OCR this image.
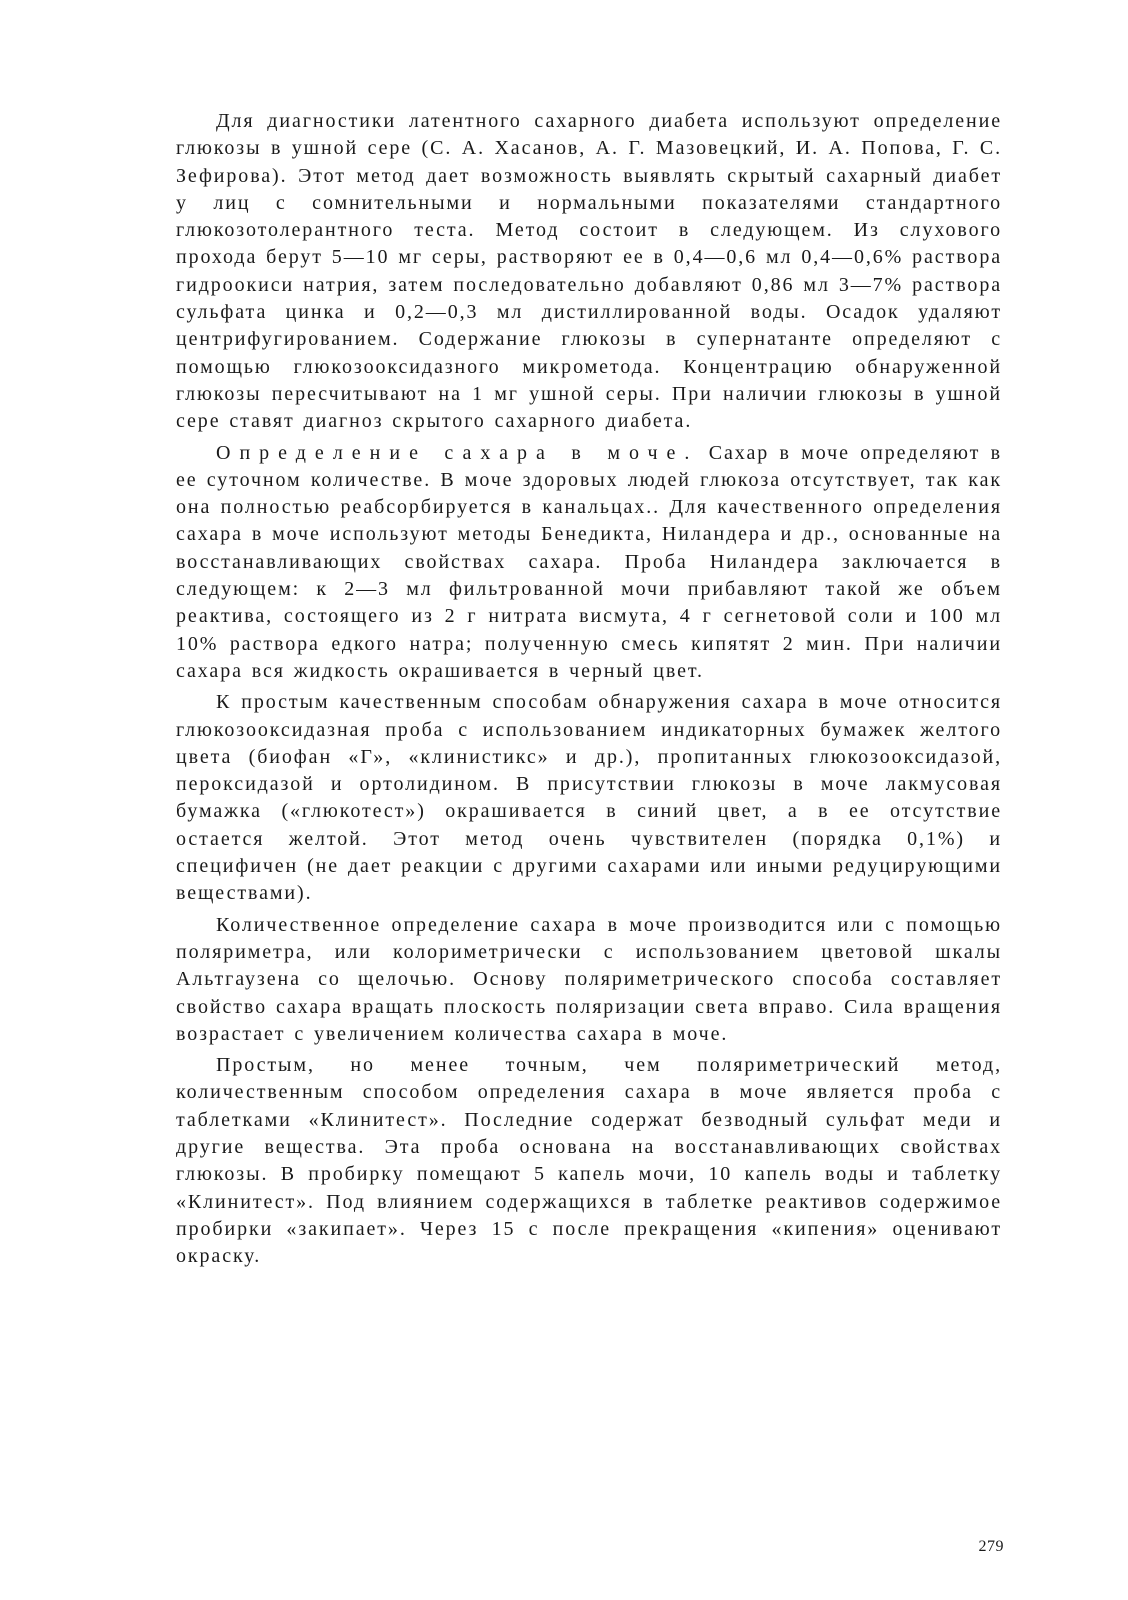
Для диагностики латентного сахарного диабета используют определение глюкозы в ушной сере (С. А. Хасанов, А. Г. Мазовецкий, И. А. Попова, Г. С. Зефирова). Этот метод дает возможность выявлять скрытый сахарный диабет у лиц с сомнительными и нормальными показателями стандартного глюкозотолерантного теста. Метод состоит в следующем. Из слухового прохода берут 5—10 мг серы, растворяют ее в 0,4—0,6 мл 0,4—0,6% раствора гидроокиси натрия, затем последовательно добавляют 0,86 мл 3—7% раствора сульфата цинка и 0,2—0,3 мл дистиллированной воды. Осадок удаляют центрифугированием. Содержание глюкозы в супернатанте определяют с помощью глюкозооксидазного микрометода. Концентрацию обнаруженной глюкозы пересчитывают на 1 мг ушной серы. При наличии глюкозы в ушной сере ставят диагноз скрытого сахарного диабета.

Определение сахара в моче. Сахар в моче определяют в ее суточном количестве. В моче здоровых людей глюкоза отсутствует, так как она полностью реабсорбируется в канальцах.. Для качественного определения сахара в моче используют методы Бенедикта, Ниландера и др., основанные на восстанавливающих свойствах сахара. Проба Ниландера заключается в следующем: к 2—3 мл фильтрованной мочи прибавляют такой же объем реактива, состоящего из 2 г нитрата висмута, 4 г сегнетовой соли и 100 мл 10% раствора едкого натра; полученную смесь кипятят 2 мин. При наличии сахара вся жидкость окрашивается в черный цвет.

К простым качественным способам обнаружения сахара в моче относится глюкозооксидазная проба с использованием индикаторных бумажек желтого цвета (биофан «Г», «клинистикс» и др.), пропитанных глюкозооксидазой, пероксидазой и ортолидином. В присутствии глюкозы в моче лакмусовая бумажка («глюкотест») окрашивается в синий цвет, а в ее отсутствие остается желтой. Этот метод очень чувствителен (порядка 0,1%) и специфичен (не дает реакции с другими сахарами или иными редуцирующими веществами).

Количественное определение сахара в моче производится или с помощью поляриметра, или колориметрически с использованием цветовой шкалы Альтгаузена со щелочью. Основу поляриметрического способа составляет свойство сахара вращать плоскость поляризации света вправо. Сила вращения возрастает с увеличением количества сахара в моче.

Простым, но менее точным, чем поляриметрический метод, количественным способом определения сахара в моче является проба с таблетками «Клинитест». Последние содержат безводный сульфат меди и другие вещества. Эта проба основана на восстанавливающих свойствах глюкозы. В пробирку помещают 5 капель мочи, 10 капель воды и таблетку «Клинитест». Под влиянием содержащихся в таблетке реактивов содержимое пробирки «закипает». Через 15 с после прекращения «кипения» оценивают окраску.

279
